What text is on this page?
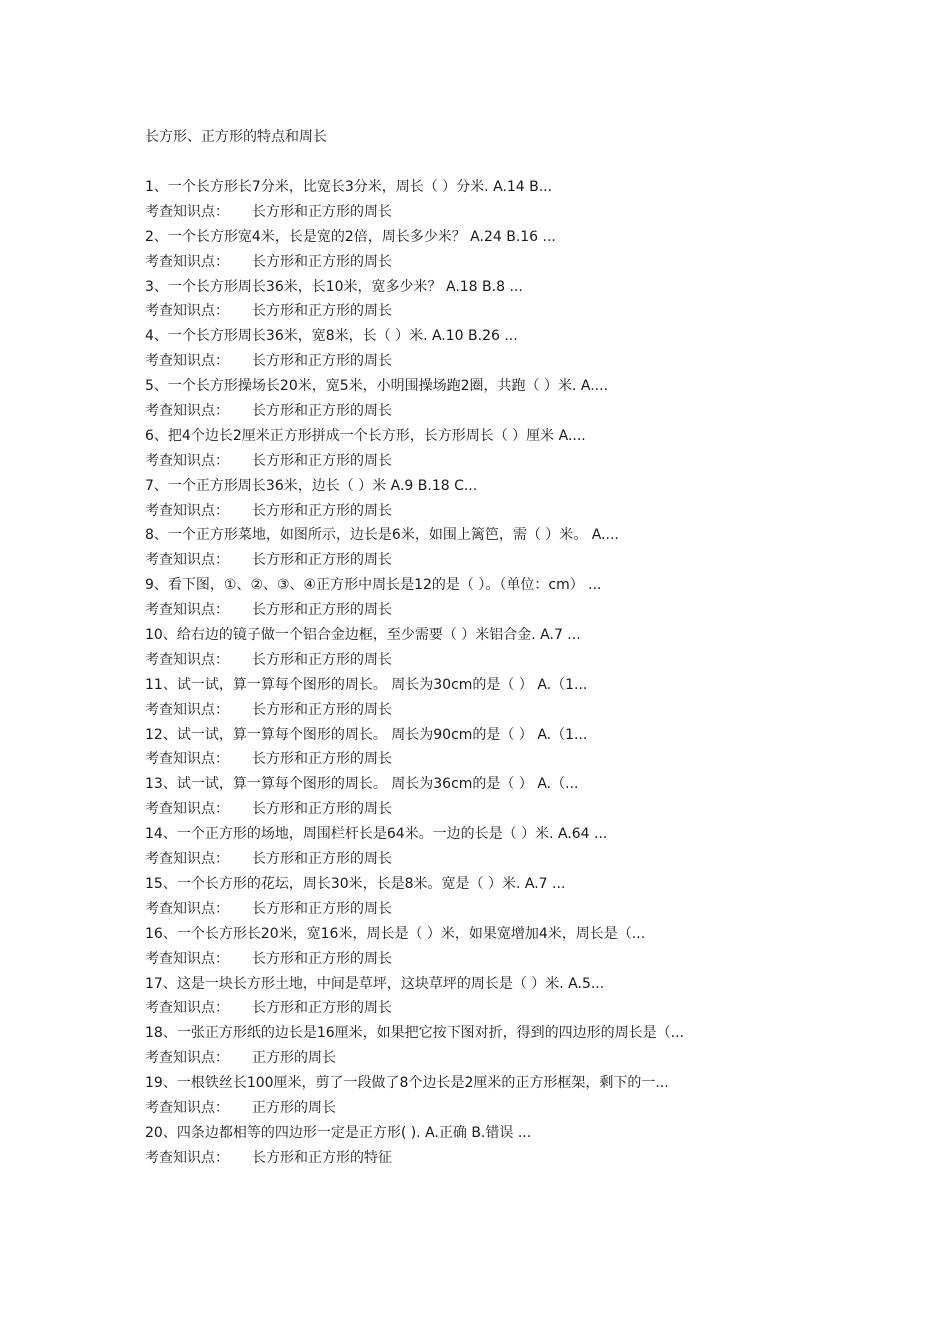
长方形、正方形的特点和周长
1、一个长方形长7分米，比宽长3分米，周长（ ）分米. A.14 B...
考查知识点： 长方形和正方形的周长
2、一个长方形宽4米，长是宽的2倍，周长多少米？ A.24 B.16 ...
考查知识点： 长方形和正方形的周长
3、一个长方形周长36米，长10米，宽多少米？ A.18 B.8 ...
考查知识点： 长方形和正方形的周长
4、一个长方形周长36米，宽8米，长（ ）米. A.10 B.26 ...
考查知识点： 长方形和正方形的周长
5、一个长方形操场长20米，宽5米，小明围操场跑2圈，共跑（ ）米. A....
考查知识点： 长方形和正方形的周长
6、把4个边长2厘米正方形拼成一个长方形，长方形周长（ ）厘米 A....
考查知识点： 长方形和正方形的周长
7、一个正方形周长36米，边长（ ）米 A.9 B.18 C...
考查知识点： 长方形和正方形的周长
8、一个正方形菜地，如图所示，边长是6米，如围上篱笆，需（ ）米。 A....
考查知识点： 长方形和正方形的周长
9、看下图，①、②、③、④正方形中周长是12的是（ ）。（单位：cm） ...
考查知识点： 长方形和正方形的周长
10、给右边的镜子做一个铝合金边框，至少需要（ ）米铝合金. A.7 ...
考查知识点： 长方形和正方形的周长
11、试一试，算一算每个图形的周长。 周长为30cm的是（ ） A.（1...
考查知识点： 长方形和正方形的周长
12、试一试，算一算每个图形的周长。 周长为90cm的是（ ） A.（1...
考查知识点： 长方形和正方形的周长
13、试一试，算一算每个图形的周长。 周长为36cm的是（ ） A.（...
考查知识点： 长方形和正方形的周长
14、一个正方形的场地，周围栏杆长是64米。一边的长是（ ）米. A.64 ...
考查知识点： 长方形和正方形的周长
15、一个长方形的花坛，周长30米，长是8米。宽是（ ）米. A.7 ...
考查知识点： 长方形和正方形的周长
16、一个长方形长20米，宽16米，周长是（ ）米，如果宽增加4米，周长是（...
考查知识点： 长方形和正方形的周长
17、这是一块长方形土地，中间是草坪，这块草坪的周长是（ ）米. A.5...
考查知识点： 长方形和正方形的周长
18、一张正方形纸的边长是16厘米，如果把它按下图对折，得到的四边形的周长是（...
考查知识点： 正方形的周长
19、一根铁丝长100厘米，剪了一段做了8个边长是2厘米的正方形框架，剩下的一...
考查知识点： 正方形的周长
20、四条边都相等的四边形一定是正方形( ). A.正确 B.错误 ...
考查知识点： 长方形和正方形的特征
